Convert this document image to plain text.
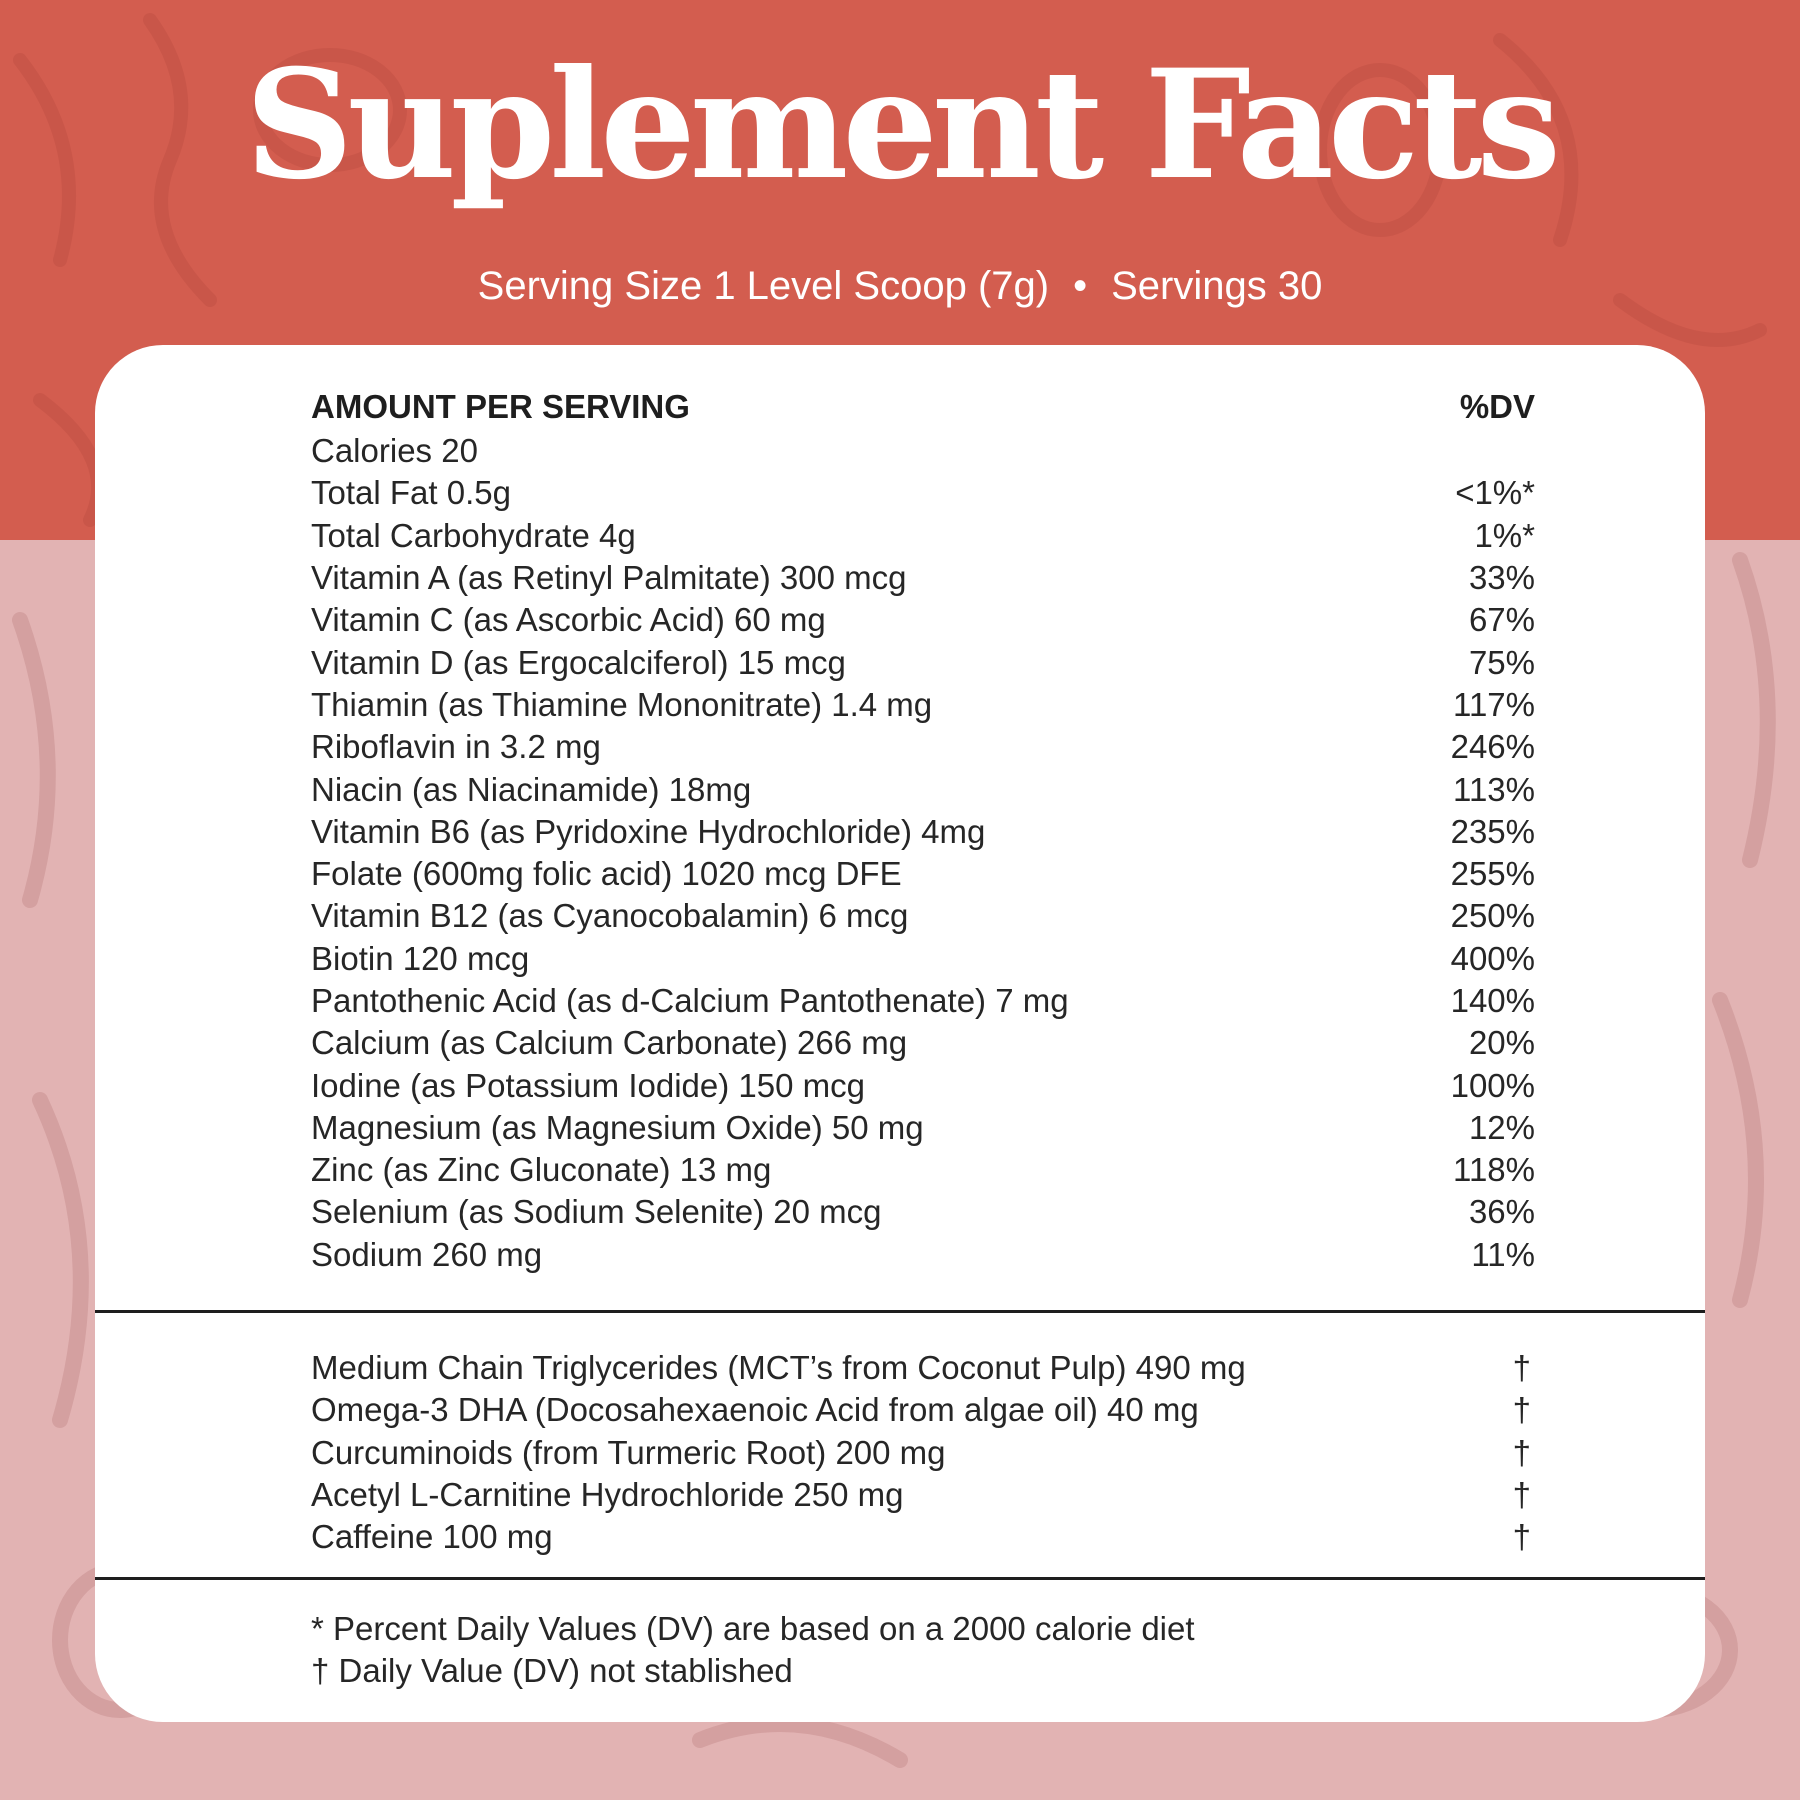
Suplement Facts
Serving Size 1 Level Scoop (7g) • Servings 30
AMOUNT PER SERVING	%DV
Calories 20
Total Fat 0.5g	<1%*
Total Carbohydrate 4g	1%*
Vitamin A (as Retinyl Palmitate) 300 mcg	33%
Vitamin C (as Ascorbic Acid) 60 mg	67%
Vitamin D (as Ergocalciferol) 15 mcg	75%
Thiamin (as Thiamine Mononitrate) 1.4 mg	117%
Riboflavin in 3.2 mg	246%
Niacin (as Niacinamide) 18mg	113%
Vitamin B6 (as Pyridoxine Hydrochloride) 4mg	235%
Folate (600mg folic acid) 1020 mcg DFE	255%
Vitamin B12 (as Cyanocobalamin) 6 mcg	250%
Biotin 120 mcg	400%
Pantothenic Acid (as d-Calcium Pantothenate) 7 mg	140%
Calcium (as Calcium Carbonate) 266 mg	20%
Iodine (as Potassium Iodide) 150 mcg	100%
Magnesium (as Magnesium Oxide) 50 mg	12%
Zinc (as Zinc Gluconate) 13 mg	118%
Selenium (as Sodium Selenite) 20 mcg	36%
Sodium 260 mg	11%
Medium Chain Triglycerides (MCT’s from Coconut Pulp) 490 mg	†
Omega-3 DHA (Docosahexaenoic Acid from algae oil) 40 mg	†
Curcuminoids (from Turmeric Root) 200 mg	†
Acetyl L-Carnitine Hydrochloride 250 mg	†
Caffeine 100 mg	†
* Percent Daily Values (DV) are based on a 2000 calorie diet
† Daily Value (DV) not stablished
